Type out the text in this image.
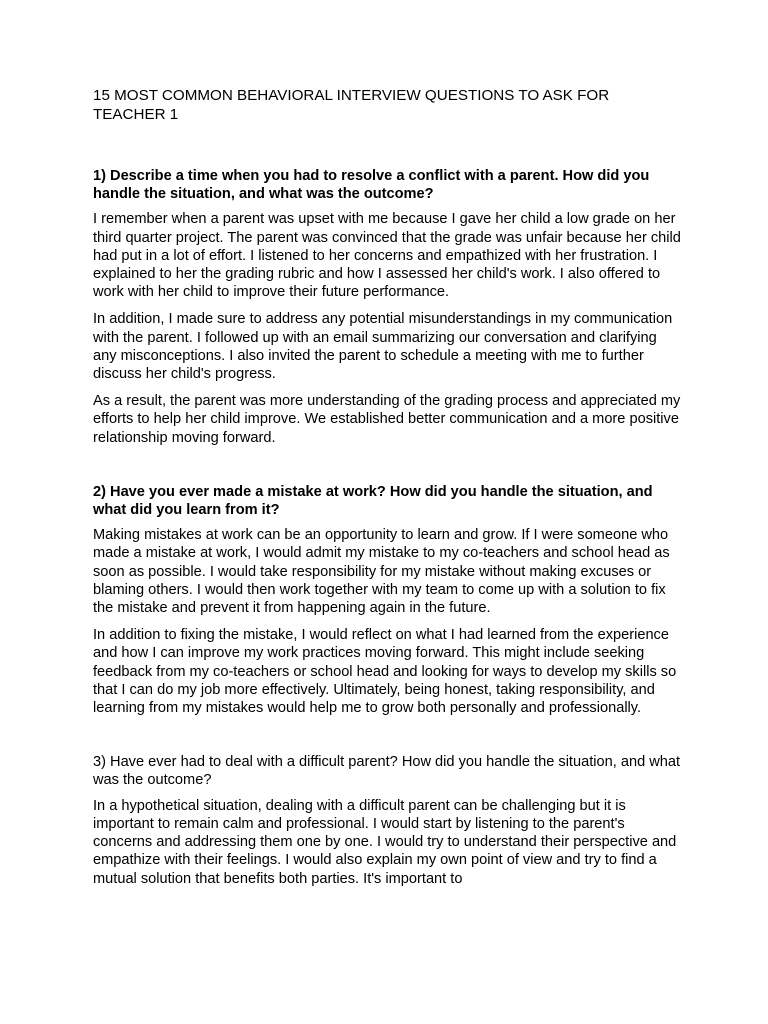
15 MOST COMMON BEHAVIORAL INTERVIEW QUESTIONS TO ASK FOR TEACHER 1

1) Describe a time when you had to resolve a conflict with a parent. How did you handle the situation, and what was the outcome?

I remember when a parent was upset with me because I gave her child a low grade on her third quarter project. The parent was convinced that the grade was unfair because her child had put in a lot of effort. I listened to her concerns and empathized with her frustration. I explained to her the grading rubric and how I assessed her child's work. I also offered to work with her child to improve their future performance.

In addition, I made sure to address any potential misunderstandings in my communication with the parent. I followed up with an email summarizing our conversation and clarifying any misconceptions. I also invited the parent to schedule a meeting with me to further discuss her child's progress.

As a result, the parent was more understanding of the grading process and appreciated my efforts to help her child improve. We established better communication and a more positive relationship moving forward.

2) Have you ever made a mistake at work? How did you handle the situation, and what did you learn from it?

Making mistakes at work can be an opportunity to learn and grow. If I were someone who made a mistake at work, I would admit my mistake to my co-teachers and school head as soon as possible. I would take responsibility for my mistake without making excuses or blaming others. I would then work together with my team to come up with a solution to fix the mistake and prevent it from happening again in the future.

In addition to fixing the mistake, I would reflect on what I had learned from the experience and how I can improve my work practices moving forward. This might include seeking feedback from my co-teachers or school head and looking for ways to develop my skills so that I can do my job more effectively. Ultimately, being honest, taking responsibility, and learning from my mistakes would help me to grow both personally and professionally.

3) Have ever had to deal with a difficult parent? How did you handle the situation, and what was the outcome?

In a hypothetical situation, dealing with a difficult parent can be challenging but it is important to remain calm and professional. I would start by listening to the parent's concerns and addressing them one by one. I would try to understand their perspective and empathize with their feelings. I would also explain my own point of view and try to find a mutual solution that benefits both parties. It's important to
